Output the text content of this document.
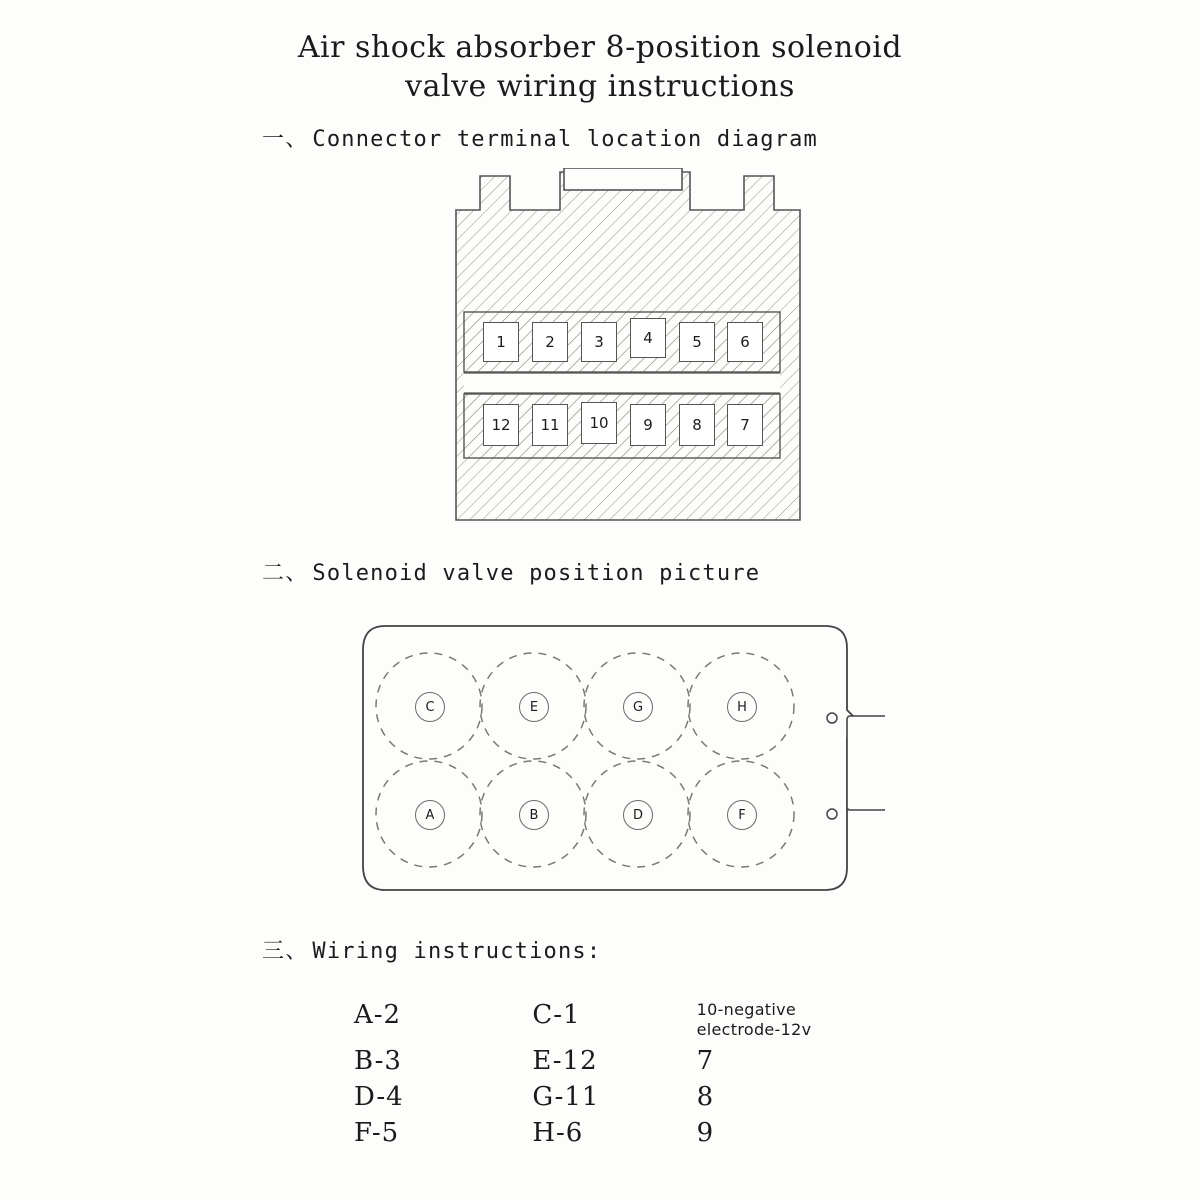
Air shock absorber 8-position solenoid
valve wiring instructions
一、 Connector terminal location diagram
1	2	3	4	5	6
12	11	10	9	8	7
二、 Solenoid valve position picture
C	E	G	H
A	B	D	F
三、 Wiring instructions:

A-2	C-1	10-negative
electrode-12v
B-3	E-12	7
D-4	G-11	8
F-5	H-6	9
